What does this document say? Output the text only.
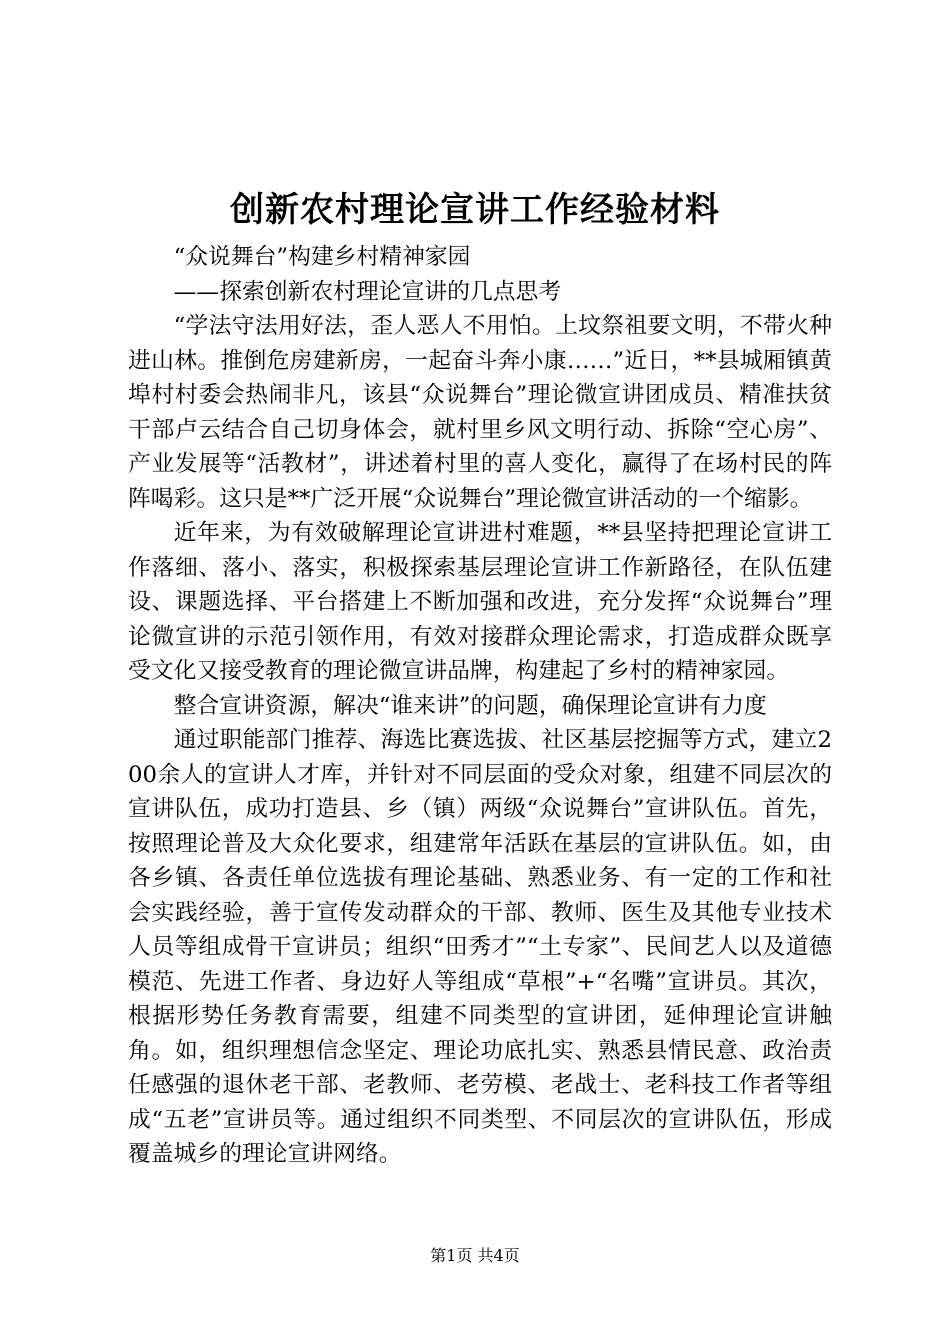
创新农村理论宣讲工作经验材料

“众说舞台”构建乡村精神家园

——探索创新农村理论宣讲的几点思考

“学法守法用好法，歪人恶人不用怕。上坟祭祖要文明，不带火种进山林。推倒危房建新房，一起奋斗奔小康……”近日，**县城厢镇黄埠村村委会热闹非凡，该县“众说舞台”理论微宣讲团成员、精准扶贫干部卢云结合自己切身体会，就村里乡风文明行动、拆除“空心房”、产业发展等“活教材”，讲述着村里的喜人变化，赢得了在场村民的阵阵喝彩。这只是**广泛开展“众说舞台”理论微宣讲活动的一个缩影。

近年来，为有效破解理论宣讲进村难题，**县坚持把理论宣讲工作落细、落小、落实，积极探索基层理论宣讲工作新路径，在队伍建设、课题选择、平台搭建上不断加强和改进，充分发挥“众说舞台”理论微宣讲的示范引领作用，有效对接群众理论需求，打造成群众既享受文化又接受教育的理论微宣讲品牌，构建起了乡村的精神家园。

整合宣讲资源，解决“谁来讲”的问题，确保理论宣讲有力度

通过职能部门推荐、海选比赛选拔、社区基层挖掘等方式，建立200余人的宣讲人才库，并针对不同层面的受众对象，组建不同层次的宣讲队伍，成功打造县、乡（镇）两级“众说舞台”宣讲队伍。首先，按照理论普及大众化要求，组建常年活跃在基层的宣讲队伍。如，由各乡镇、各责任单位选拔有理论基础、熟悉业务、有一定的工作和社会实践经验，善于宣传发动群众的干部、教师、医生及其他专业技术人员等组成骨干宣讲员；组织“田秀才”“土专家”、民间艺人以及道德模范、先进工作者、身边好人等组成“草根”+“名嘴”宣讲员。其次，根据形势任务教育需要，组建不同类型的宣讲团，延伸理论宣讲触角。如，组织理想信念坚定、理论功底扎实、熟悉县情民意、政治责任感强的退休老干部、老教师、老劳模、老战士、老科技工作者等组成“五老”宣讲员等。通过组织不同类型、不同层次的宣讲队伍，形成覆盖城乡的理论宣讲网络。

第1页 共4页
